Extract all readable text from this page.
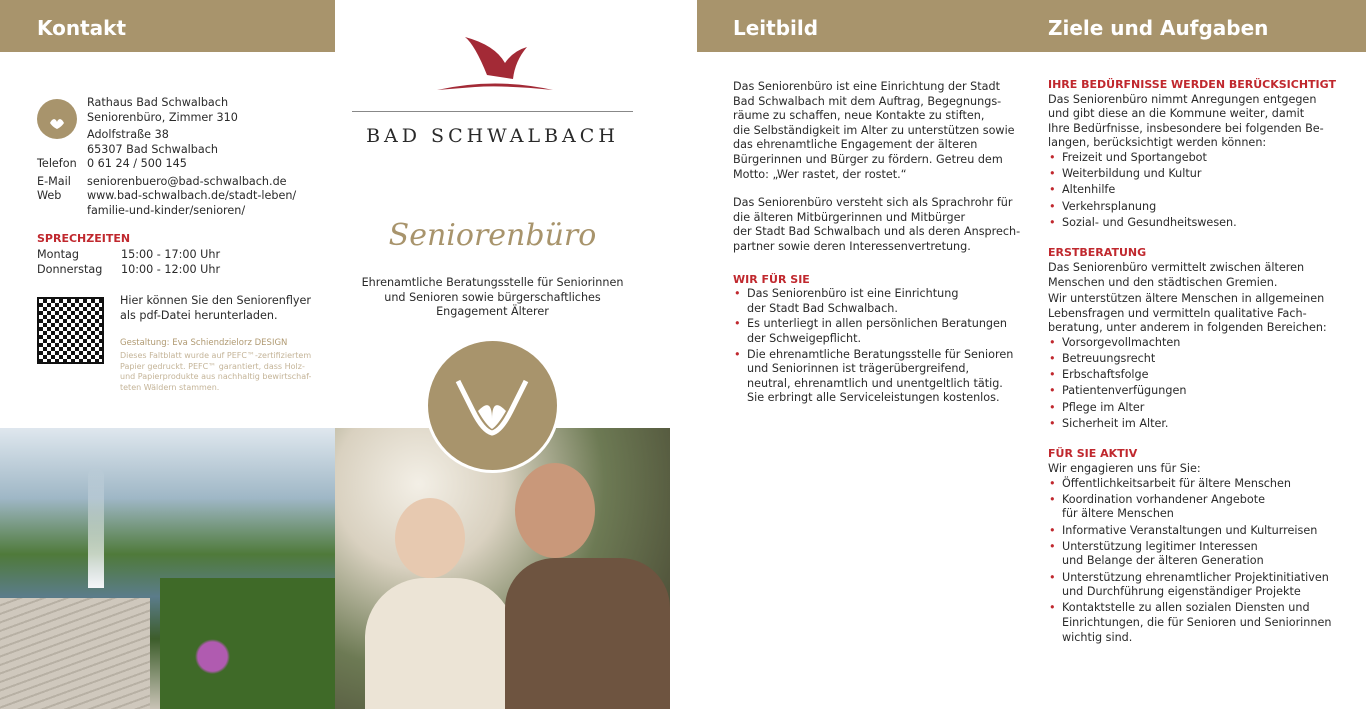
Kontakt
Rathaus Bad Schwalbach
Seniorenbüro, Zimmer 310
Adolfstraße 38
65307 Bad Schwalbach
Telefon 0 61 24 / 500 145
E-Mail	seniorenbuero@bad-schwalbach.de
Web	www.bad-schwalbach.de/stadt-leben/
familie-und-kinder/senioren/
SPRECHZEITEN
Montag	15:00 - 17:00 Uhr
Donnerstag	10:00 - 12:00 Uhr
Hier können Sie den Seniorenflyer
als pdf-Datei herunterladen.
Gestaltung: Eva Schiendzielorz DESIGN
Dieses Faltblatt wurde auf PEFC™-zertifiziertem
Papier gedruckt. PEFC™ garantiert, dass Holz-
und Papierprodukte aus nachhaltig bewirtschaf-
teten Wäldern stammen.
BAD SCHWALBACH
Seniorenbüro
Ehrenamtliche Beratungsstelle für Seniorinnen
und Senioren sowie bürgerschaftliches
Engagement Älterer
Leitbild	Ziele und Aufgaben
Das Seniorenbüro ist eine Einrichtung der Stadt
Bad Schwalbach mit dem Auftrag, Begegnungs-
räume zu schaffen, neue Kontakte zu stiften,
die Selbständigkeit im Alter zu unterstützen sowie
das ehrenamtliche Engagement der älteren
Bürgerinnen und Bürger zu fördern. Getreu dem
Motto: „Wer rastet, der rostet.“
Das Seniorenbüro versteht sich als Sprachrohr für
die älteren Mitbürgerinnen und Mitbürger
der Stadt Bad Schwalbach und als deren Ansprech-
partner sowie deren Interessenvertretung.
WIR FÜR SIE
• Das Seniorenbüro ist eine Einrichtung
der Stadt Bad Schwalbach.
• Es unterliegt in allen persönlichen Beratungen
der Schweigepflicht.
• Die ehrenamtliche Beratungsstelle für Senioren
und Seniorinnen ist trägerübergreifend,
neutral, ehrenamtlich und unentgeltlich tätig.
Sie erbringt alle Serviceleistungen kostenlos.
IHRE BEDÜRFNISSE WERDEN BERÜCKSICHTIGT
Das Seniorenbüro nimmt Anregungen entgegen
und gibt diese an die Kommune weiter, damit
Ihre Bedürfnisse, insbesondere bei folgenden Be-
langen, berücksichtigt werden können:
• Freizeit und Sportangebot
• Weiterbildung und Kultur
• Altenhilfe
• Verkehrsplanung
• Sozial- und Gesundheitswesen.
ERSTBERATUNG
Das Seniorenbüro vermittelt zwischen älteren
Menschen und den städtischen Gremien.
Wir unterstützen ältere Menschen in allgemeinen
Lebensfragen und vermitteln qualitative Fach-
beratung, unter anderem in folgenden Bereichen:
• Vorsorgevollmachten
• Betreuungsrecht
• Erbschaftsfolge
• Patientenverfügungen
• Pflege im Alter
• Sicherheit im Alter.
FÜR SIE AKTIV
Wir engagieren uns für Sie:
• Öffentlichkeitsarbeit für ältere Menschen
• Koordination vorhandener Angebote
für ältere Menschen
• Informative Veranstaltungen und Kulturreisen
• Unterstützung legitimer Interessen
und Belange der älteren Generation
• Unterstützung ehrenamtlicher Projektinitiativen
und Durchführung eigenständiger Projekte
• Kontaktstelle zu allen sozialen Diensten und
Einrichtungen, die für Senioren und Seniorinnen
wichtig sind.
